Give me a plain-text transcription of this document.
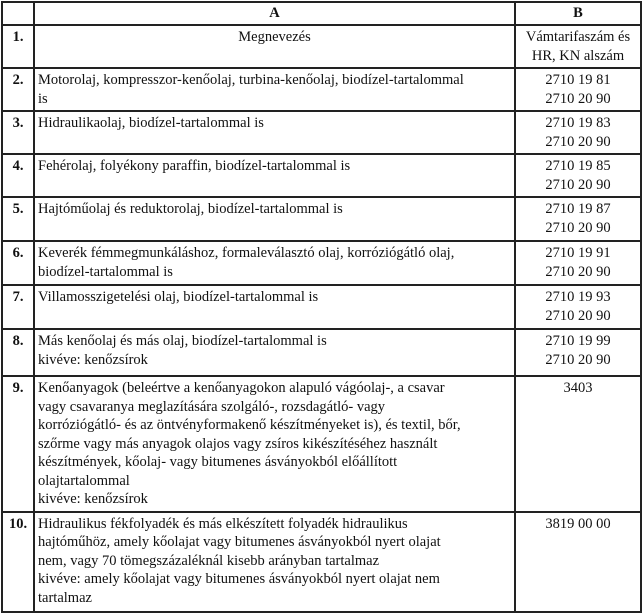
	A	B
1.	Megnevezés	Vámtarifaszám és
HR, KN alszám

2.	Motorolaj, kompresszor-kenőolaj, turbina-kenőolaj, biodízel-tartalommal
is	2710 19 81
2710 20 90

3.	Hidraulikaolaj, biodízel-tartalommal is	2710 19 83
2710 20 90

4.	Fehérolaj, folyékony paraffin, biodízel-tartalommal is	2710 19 85
2710 20 90

5.	Hajtóműolaj és reduktorolaj, biodízel-tartalommal is	2710 19 87
2710 20 90

6.	Keverék fémmegmunkáláshoz, formaleválasztó olaj, korróziógátló olaj,
biodízel-tartalommal is	2710 19 91
2710 20 90

7.	Villamosszigetelési olaj, biodízel-tartalommal is	2710 19 93
2710 20 90

8.	Más kenőolaj és más olaj, biodízel-tartalommal is
kivéve: kenőzsírok	2710 19 99
2710 20 90

9.	Kenőanyagok (beleértve a kenőanyagokon alapuló vágóolaj-, a csavar
vagy csavaranya meglazítására szolgáló-, rozsdagátló- vagy
korróziógátló- és az öntvényformakenő készítményeket is), és textil, bőr,
szőrme vagy más anyagok olajos vagy zsíros kikészítéséhez használt
készítmények, kőolaj- vagy bitumenes ásványokból előállított
olajtartalommal
kivéve: kenőzsírok

3403

10.	Hidraulikus fékfolyadék és más elkészített folyadék hidraulikus
hajtóműhöz, amely kőolajat vagy bitumenes ásványokból nyert olajat
nem, vagy 70 tömegszázaléknál kisebb arányban tartalmaz
kivéve: amely kőolajat vagy bitumenes ásványokból nyert olajat nem
tartalmaz	3819 00 00
